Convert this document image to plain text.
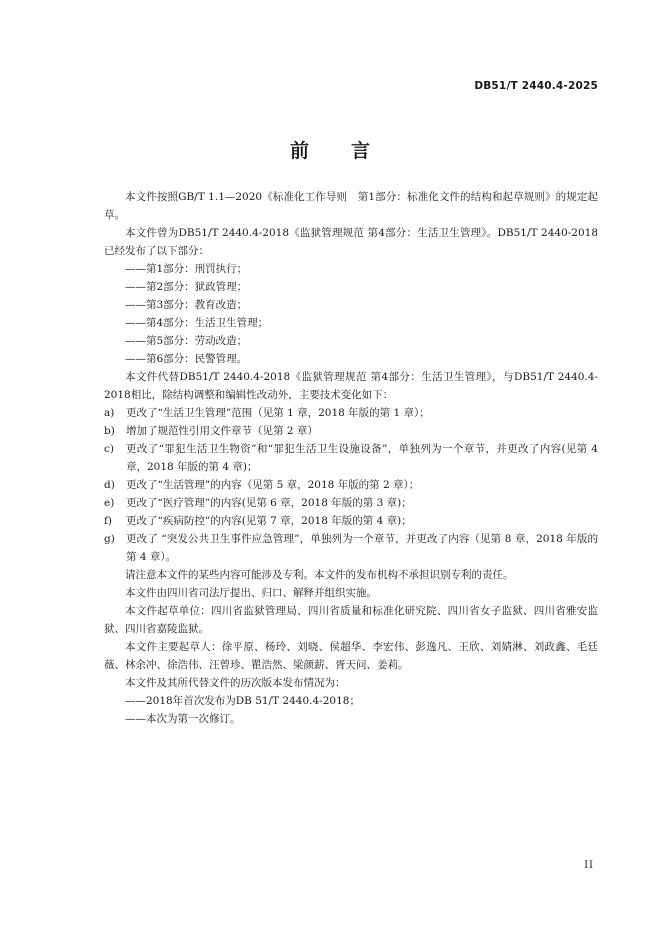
DB51/T 2440.4-2025
前 言

本文件按照GB/T 1.1—2020《标准化工作导则　第1部分：标准化文件的结构和起草规则》的规定起草。

本文件曾为DB51/T 2440.4-2018《监狱管理规范 第4部分：生活卫生管理》。DB51/T 2440-2018已经发布了以下部分：

——第1部分：刑罚执行；

——第2部分：狱政管理；

——第3部分：教育改造；

——第4部分：生活卫生管理；

——第5部分：劳动改造；

——第6部分：民警管理。

本文件代替DB51/T 2440.4-2018《监狱管理规范 第4部分：生活卫生管理》，与DB51/T 2440.4-2018相比，除结构调整和编辑性改动外，主要技术变化如下：

a)	更改了“生活卫生管理”范围（见第 1 章，2018 年版的第 1 章）；
b)	增加了规范性引用文件章节（见第 2 章）
c)	更改了“罪犯生活卫生物资”和“罪犯生活卫生设施设备”，单独列为一个章节，并更改了内容(见第 4 章，2018 年版的第 4 章)；
d)	更改了“生活管理”的内容（见第 5 章，2018 年版的第 2 章）；
e)	更改了“医疗管理”的内容(见第 6 章，2018 年版的第 3 章)；
f)	更改了“疾病防控”的内容(见第 7 章，2018 年版的第 4 章)；
g)	更改了 “突发公共卫生事件应急管理”，单独列为一个章节，并更改了内容（见第 8 章，2018 年版的第 4 章）。

请注意本文件的某些内容可能涉及专利。本文件的发布机构不承担识别专利的责任。

本文件由四川省司法厅提出、归口、解释并组织实施。

本文件起草单位：四川省监狱管理局、四川省质量和标准化研究院、四川省女子监狱、四川省雅安监狱、四川省嘉陵监狱。

本文件主要起草人：徐平原、杨玲、刘晓、侯超华、李宏伟、彭逸凡、王欣、刘婧淋、刘政鑫、毛廷薇、林余冲、徐浩伟、汪曾珍、瞿浩然、梁颜薪、胥天问、姜莉。

本文件及其所代替文件的历次版本发布情况为：

——2018年首次发布为DB 51/T 2440.4-2018；

——本次为第一次修订。

II
